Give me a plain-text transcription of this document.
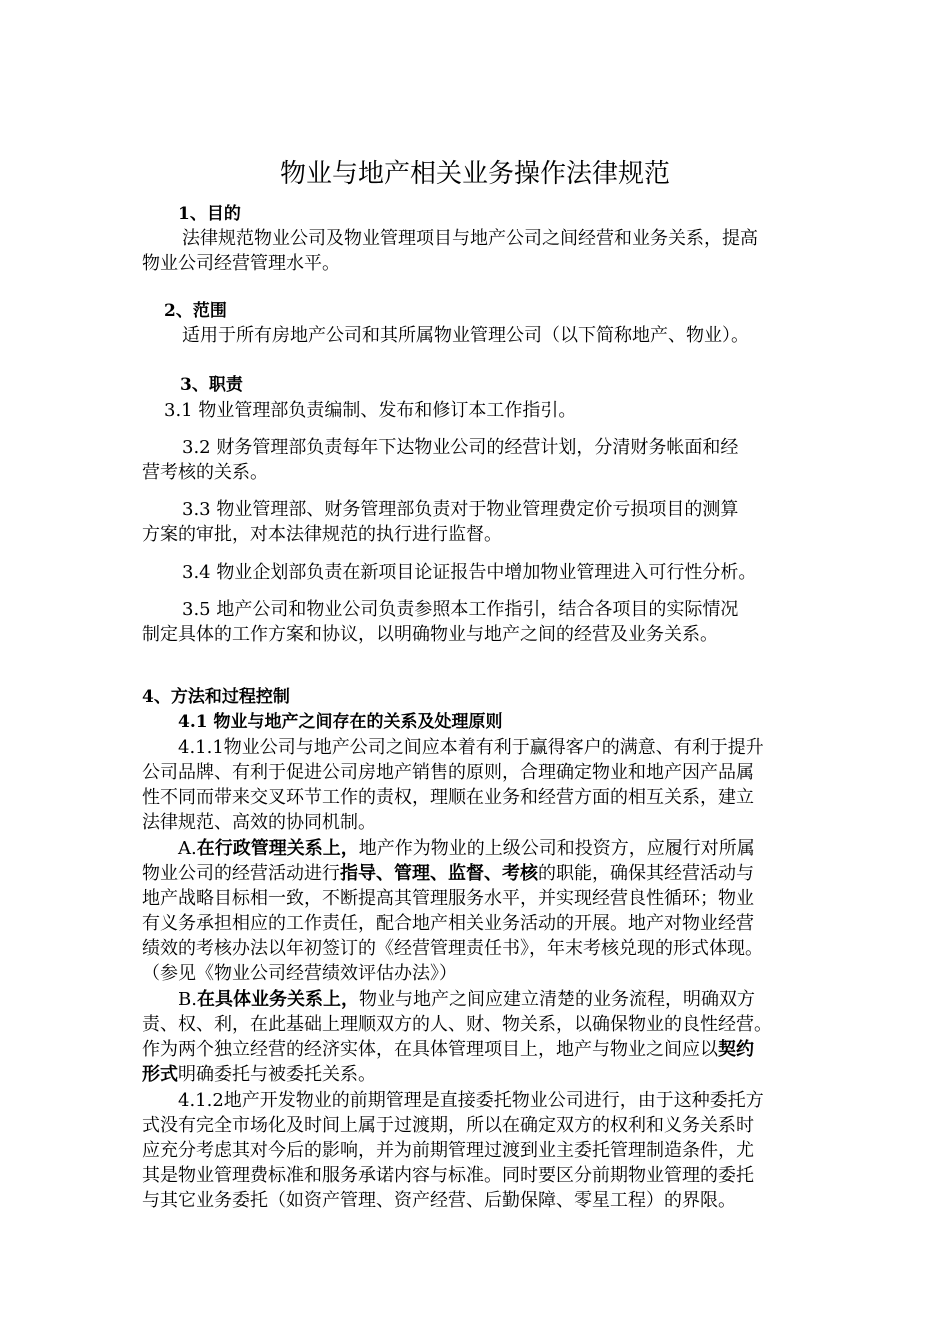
物业与地产相关业务操作法律规范
1、目的
法律规范物业公司及物业管理项目与地产公司之间经营和业务关系，提高
物业公司经营管理水平。
2、范围
适用于所有房地产公司和其所属物业管理公司（以下简称地产、物业）。
3、职责
3.1 物业管理部负责编制、发布和修订本工作指引。
3.2 财务管理部负责每年下达物业公司的经营计划，分清财务帐面和经
营考核的关系。
3.3 物业管理部、财务管理部负责对于物业管理费定价亏损项目的测算
方案的审批，对本法律规范的执行进行监督。
3.4 物业企划部负责在新项目论证报告中增加物业管理进入可行性分析。
3.5 地产公司和物业公司负责参照本工作指引，结合各项目的实际情况
制定具体的工作方案和协议，以明确物业与地产之间的经营及业务关系。
4、方法和过程控制
4.1 物业与地产之间存在的关系及处理原则
4.1.1物业公司与地产公司之间应本着有利于赢得客户的满意、有利于提升
公司品牌、有利于促进公司房地产销售的原则，合理确定物业和地产因产品属
性不同而带来交叉环节工作的责权，理顺在业务和经营方面的相互关系，建立
法律规范、高效的协同机制。
A.在行政管理关系上，地产作为物业的上级公司和投资方，应履行对所属
物业公司的经营活动进行指导、管理、监督、考核的职能，确保其经营活动与
地产战略目标相一致，不断提高其管理服务水平，并实现经营良性循环；物业
有义务承担相应的工作责任，配合地产相关业务活动的开展。地产对物业经营
绩效的考核办法以年初签订的《经营管理责任书》，年末考核兑现的形式体现。
（参见《物业公司经营绩效评估办法》）
B.在具体业务关系上，物业与地产之间应建立清楚的业务流程，明确双方
责、权、利，在此基础上理顺双方的人、财、物关系，以确保物业的良性经营。
作为两个独立经营的经济实体，在具体管理项目上，地产与物业之间应以契约
形式明确委托与被委托关系。
4.1.2地产开发物业的前期管理是直接委托物业公司进行，由于这种委托方
式没有完全市场化及时间上属于过渡期，所以在确定双方的权利和义务关系时
应充分考虑其对今后的影响，并为前期管理过渡到业主委托管理制造条件，尤
其是物业管理费标准和服务承诺内容与标准。同时要区分前期物业管理的委托
与其它业务委托（如资产管理、资产经营、后勤保障、零星工程）的界限。
